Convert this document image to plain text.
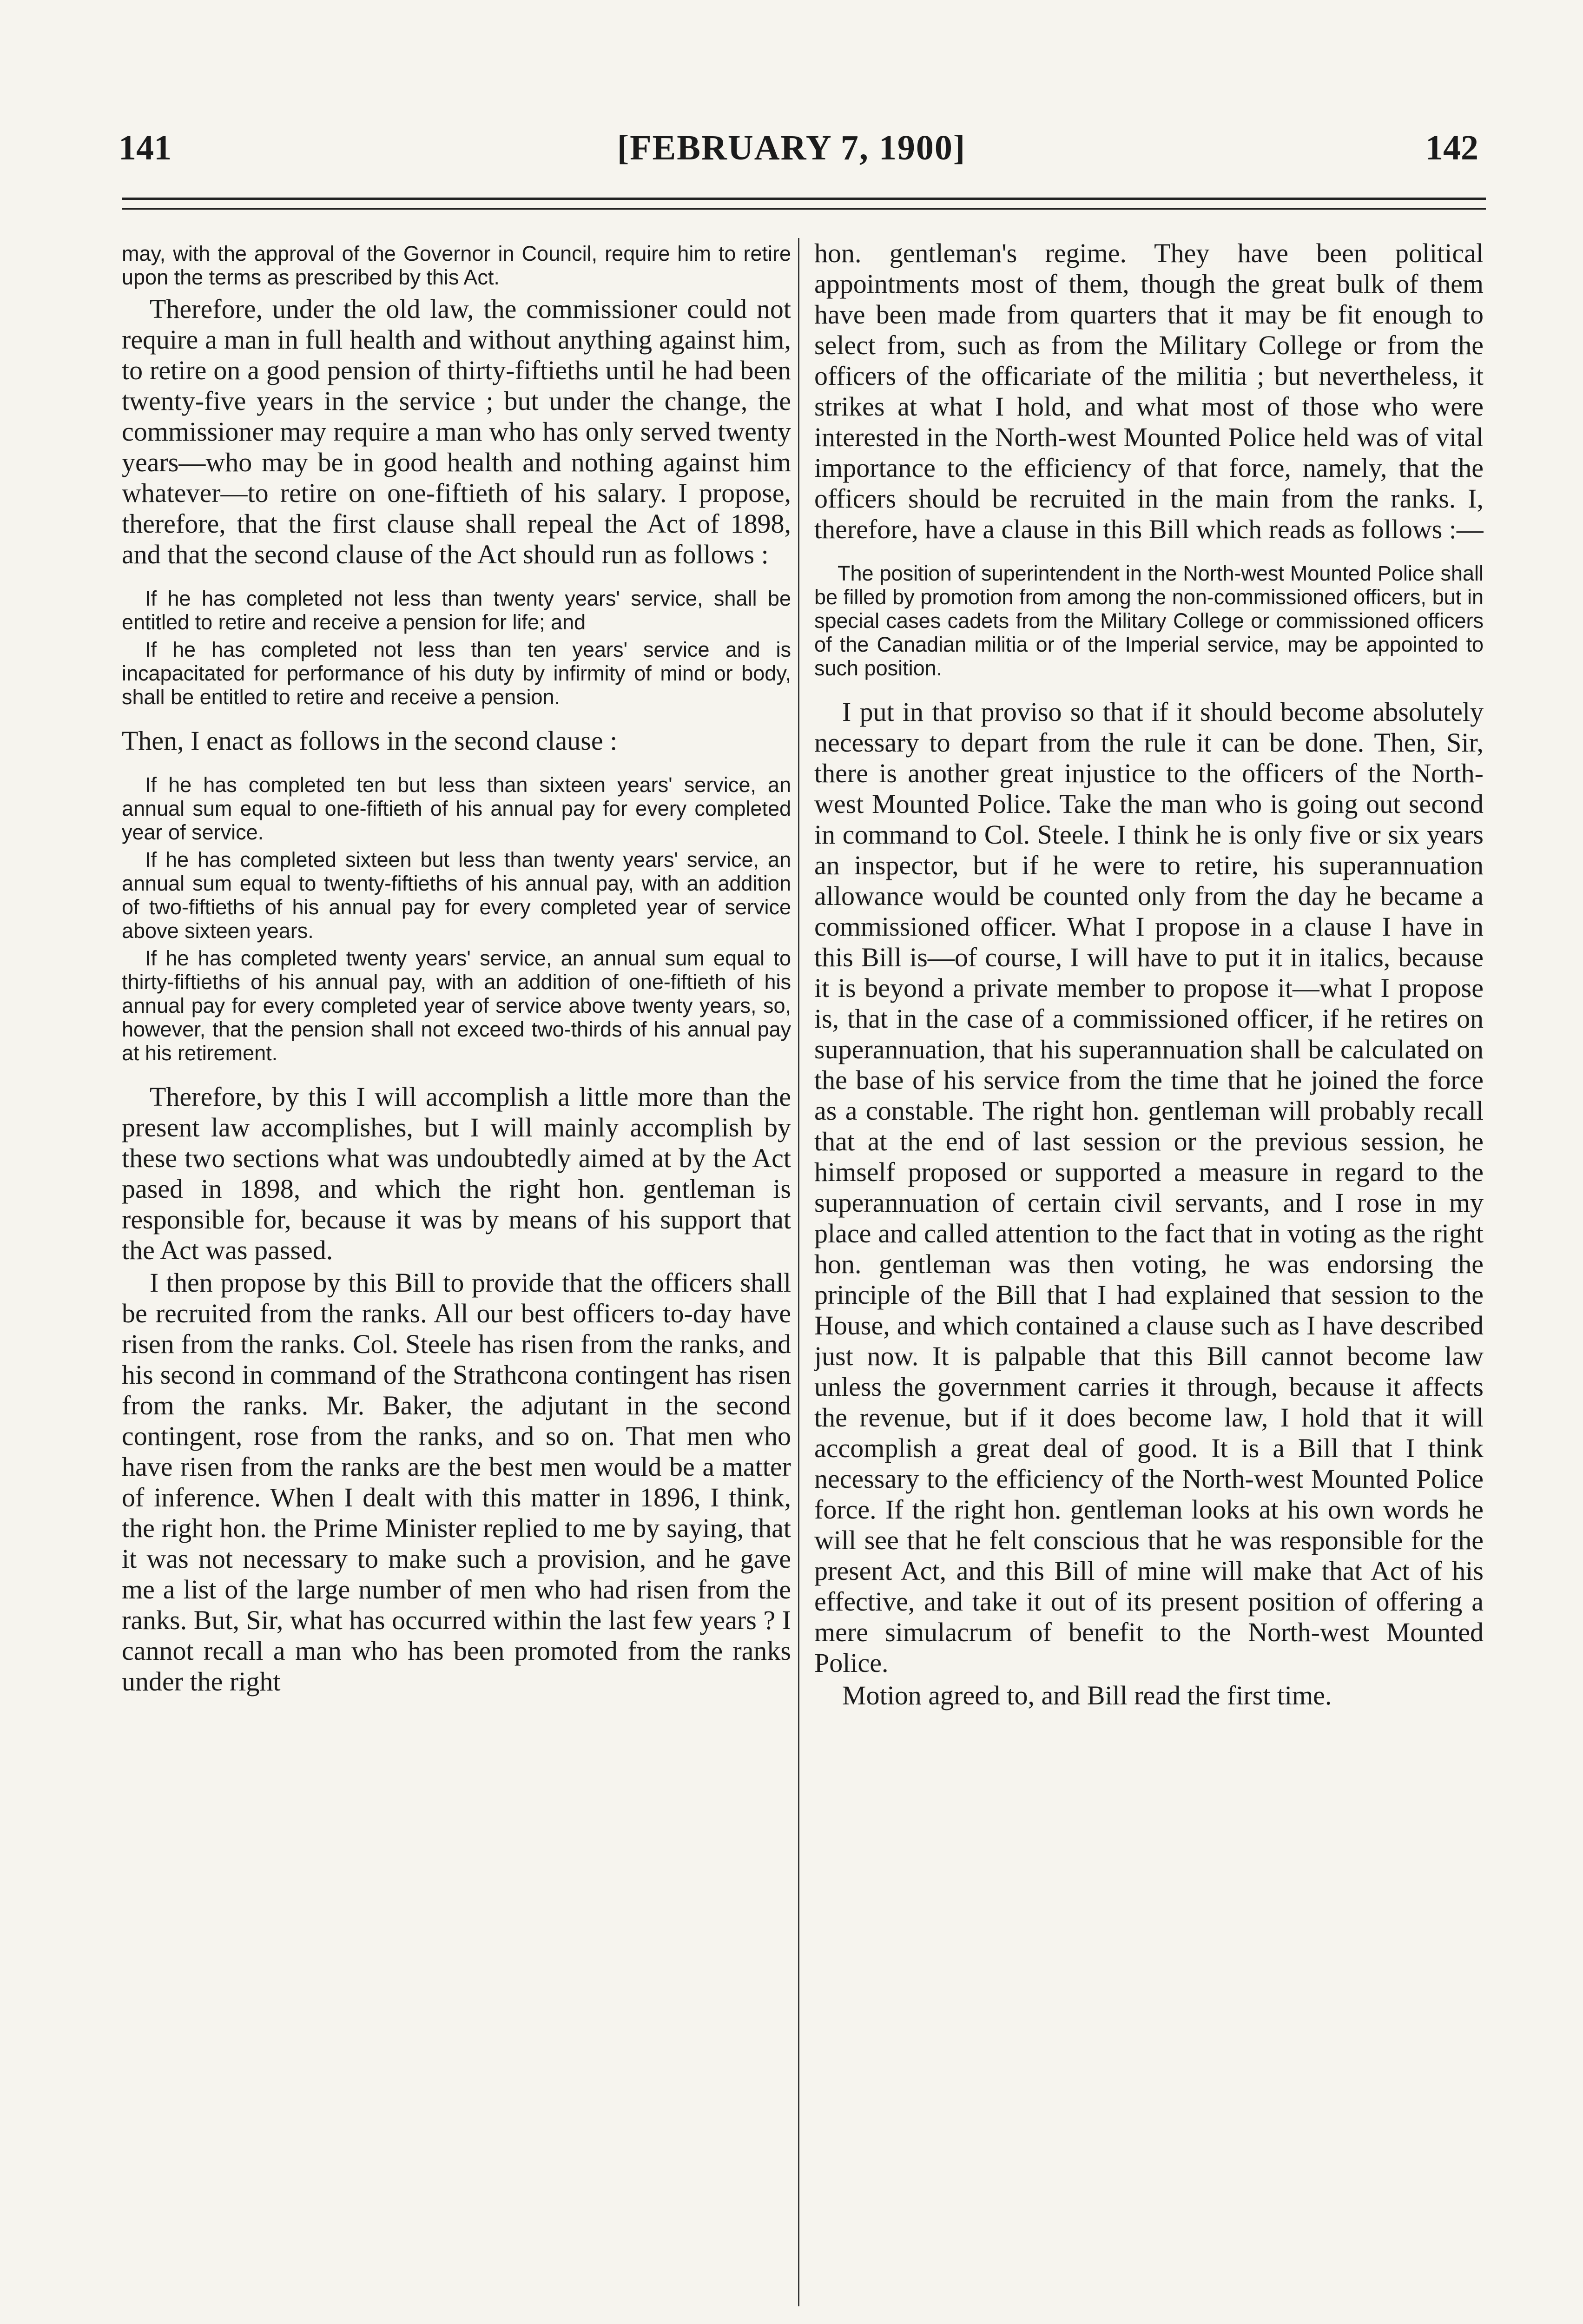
141	[FEBRUARY 7, 1900]	142

may, with the approval of the Governor in Council, require him to retire upon the terms as prescribed by this Act.

Therefore, under the old law, the commissioner could not require a man in full health and without anything against him, to retire on a good pension of thirty-fiftieths until he had been twenty-five years in the service ; but under the change, the commissioner may require a man who has only served twenty years—who may be in good health and nothing against him whatever—to retire on one-fiftieth of his salary. I propose, therefore, that the first clause shall repeal the Act of 1898, and that the second clause of the Act should run as follows :

If he has completed not less than twenty years' service, shall be entitled to retire and receive a pension for life; and

If he has completed not less than ten years' service and is incapacitated for performance of his duty by infirmity of mind or body, shall be entitled to retire and receive a pension.

Then, I enact as follows in the second clause :

If he has completed ten but less than sixteen years' service, an annual sum equal to one-fiftieth of his annual pay for every completed year of service.

If he has completed sixteen but less than twenty years' service, an annual sum equal to twenty-fiftieths of his annual pay, with an addition of two-fiftieths of his annual pay for every completed year of service above sixteen years.

If he has completed twenty years' service, an annual sum equal to thirty-fiftieths of his annual pay, with an addition of one-fiftieth of his annual pay for every completed year of service above twenty years, so, however, that the pension shall not exceed two-thirds of his annual pay at his retirement.

Therefore, by this I will accomplish a little more than the present law accomplishes, but I will mainly accomplish by these two sections what was undoubtedly aimed at by the Act pased in 1898, and which the right hon. gentleman is responsible for, because it was by means of his support that the Act was passed.

I then propose by this Bill to provide that the officers shall be recruited from the ranks. All our best officers to-day have risen from the ranks. Col. Steele has risen from the ranks, and his second in command of the Strathcona contingent has risen from the ranks. Mr. Baker, the adjutant in the second contingent, rose from the ranks, and so on. That men who have risen from the ranks are the best men would be a matter of inference. When I dealt with this matter in 1896, I think, the right hon. the Prime Minister replied to me by saying, that it was not necessary to make such a provision, and he gave me a list of the large number of men who had risen from the ranks. But, Sir, what has occurred within the last few years ? I cannot recall a man who has been promoted from the ranks under the right

hon. gentleman's regime. They have been political appointments most of them, though the great bulk of them have been made from quarters that it may be fit enough to select from, such as from the Military College or from the officers of the officariate of the militia ; but nevertheless, it strikes at what I hold, and what most of those who were interested in the North-west Mounted Police held was of vital importance to the efficiency of that force, namely, that the officers should be recruited in the main from the ranks. I, therefore, have a clause in this Bill which reads as follows :—

The position of superintendent in the North-west Mounted Police shall be filled by promotion from among the non-commissioned officers, but in special cases cadets from the Military College or commissioned officers of the Canadian militia or of the Imperial service, may be appointed to such position.

I put in that proviso so that if it should become absolutely necessary to depart from the rule it can be done. Then, Sir, there is another great injustice to the officers of the North-west Mounted Police. Take the man who is going out second in command to Col. Steele. I think he is only five or six years an inspector, but if he were to retire, his superannuation allowance would be counted only from the day he became a commissioned officer. What I propose in a clause I have in this Bill is—of course, I will have to put it in italics, because it is beyond a private member to propose it—what I propose is, that in the case of a commissioned officer, if he retires on superannuation, that his superannuation shall be calculated on the base of his service from the time that he joined the force as a constable. The right hon. gentleman will probably recall that at the end of last session or the previous session, he himself proposed or supported a measure in regard to the superannuation of certain civil servants, and I rose in my place and called attention to the fact that in voting as the right hon. gentleman was then voting, he was endorsing the principle of the Bill that I had explained that session to the House, and which contained a clause such as I have described just now. It is palpable that this Bill cannot become law unless the government carries it through, because it affects the revenue, but if it does become law, I hold that it will accomplish a great deal of good. It is a Bill that I think necessary to the efficiency of the North-west Mounted Police force. If the right hon. gentleman looks at his own words he will see that he felt conscious that he was responsible for the present Act, and this Bill of mine will make that Act of his effective, and take it out of its present position of offering a mere simulacrum of benefit to the North-west Mounted Police.

Motion agreed to, and Bill read the first time.
